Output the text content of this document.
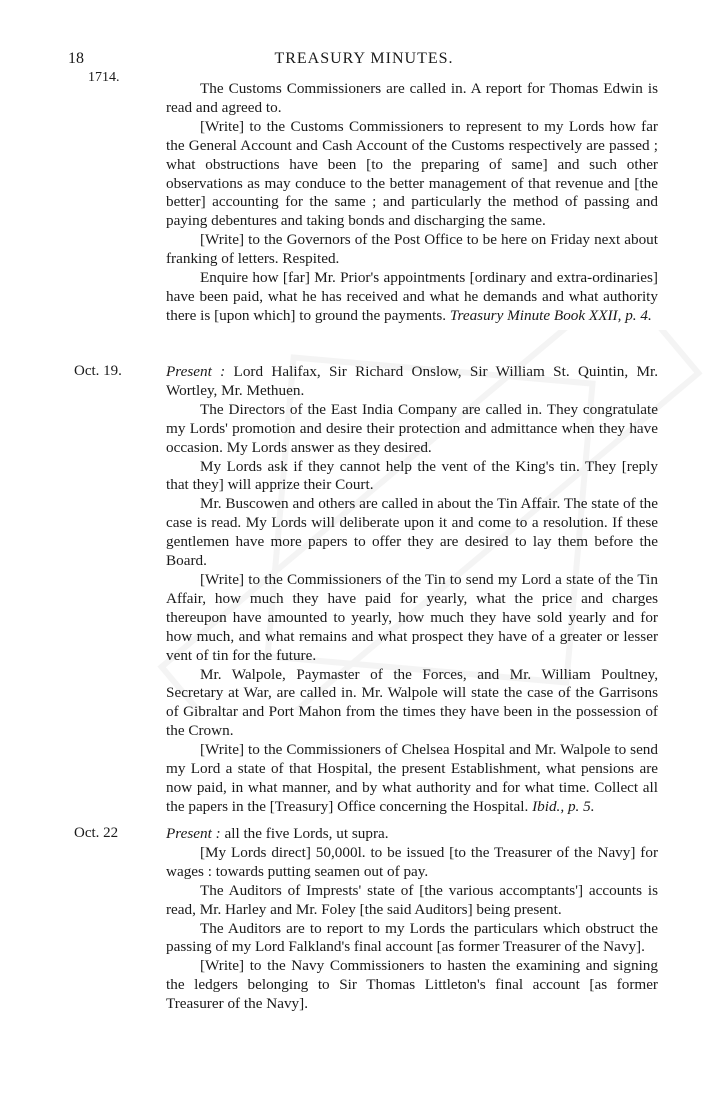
18	TREASURY MINUTES.
1714.

The Customs Commissioners are called in. A report for Thomas Edwin is read and agreed to.

[Write] to the Customs Commissioners to represent to my Lords how far the General Account and Cash Account of the Customs respectively are passed ; what obstructions have been [to the preparing of same] and such other observations as may conduce to the better management of that revenue and [the better] accounting for the same ; and particularly the method of passing and paying debentures and taking bonds and discharging the same.

[Write] to the Governors of the Post Office to be here on Friday next about franking of letters. Respited.

Enquire how [far] Mr. Prior's appointments [ordinary and extra-ordinaries] have been paid, what he has received and what he demands and what authority there is [upon which] to ground the payments. Treasury Minute Book XXII, p. 4.

Oct. 19.	Present : Lord Halifax, Sir Richard Onslow, Sir William St. Quintin, Mr. Wortley, Mr. Methuen.

The Directors of the East India Company are called in. They congratulate my Lords' promotion and desire their protection and admittance when they have occasion. My Lords answer as they desired.

My Lords ask if they cannot help the vent of the King's tin. They [reply that they] will apprize their Court.

Mr. Buscowen and others are called in about the Tin Affair. The state of the case is read. My Lords will deliberate upon it and come to a resolution. If these gentlemen have more papers to offer they are desired to lay them before the Board.

[Write] to the Commissioners of the Tin to send my Lord a state of the Tin Affair, how much they have paid for yearly, what the price and charges thereupon have amounted to yearly, how much they have sold yearly and for how much, and what remains and what prospect they have of a greater or lesser vent of tin for the future.

Mr. Walpole, Paymaster of the Forces, and Mr. William Poultney, Secretary at War, are called in. Mr. Walpole will state the case of the Garrisons of Gibraltar and Port Mahon from the times they have been in the possession of the Crown.

[Write] to the Commissioners of Chelsea Hospital and Mr. Walpole to send my Lord a state of that Hospital, the present Establishment, what pensions are now paid, in what manner, and by what authority and for what time. Collect all the papers in the [Treasury] Office concerning the Hospital. Ibid., p. 5.

Oct. 22	Present : all the five Lords, ut supra.

[My Lords direct] 50,000l. to be issued [to the Treasurer of the Navy] for wages : towards putting seamen out of pay.

The Auditors of Imprests' state of [the various accomptants'] accounts is read, Mr. Harley and Mr. Foley [the said Auditors] being present.

The Auditors are to report to my Lords the particulars which obstruct the passing of my Lord Falkland's final account [as former Treasurer of the Navy].

[Write] to the Navy Commissioners to hasten the examining and signing the ledgers belonging to Sir Thomas Littleton's final account [as former Treasurer of the Navy].
